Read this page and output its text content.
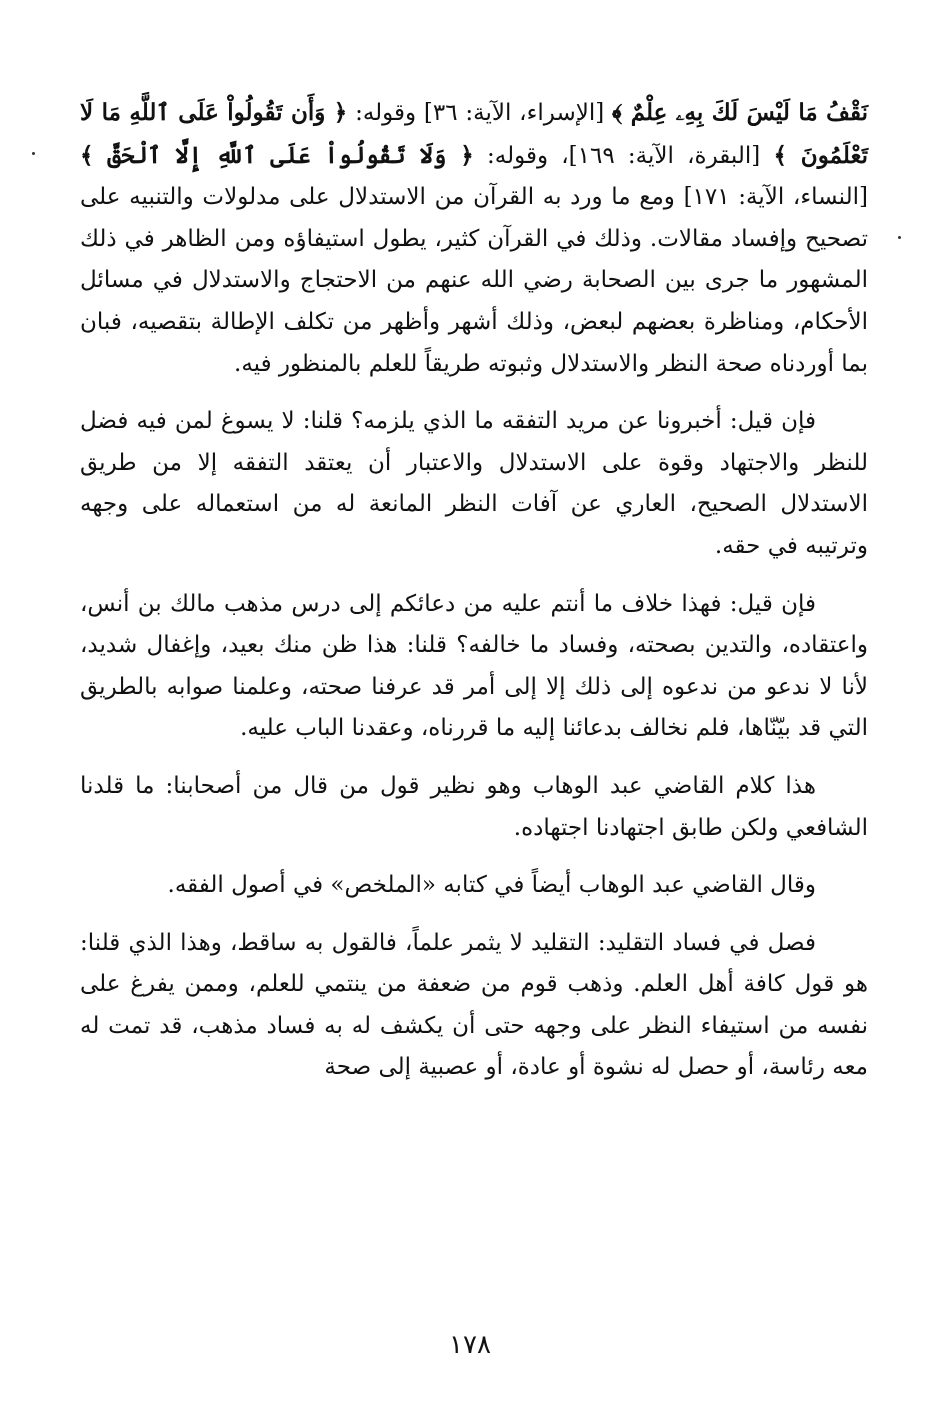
نَقْفُ مَا لَيْسَ لَكَ بِهِۦ عِلْمٌ ﴾ [الإسراء، الآية: ٣٦] وقوله: ﴿ وَأَن تَقُولُواْ عَلَى ٱللَّهِ مَا لَا تَعْلَمُونَ ﴾ [البقرة، الآية: ١٦٩]، وقوله: ﴿ وَلَا تَقُولُواْ عَلَى ٱللَّهِ إِلَّا ٱلْحَقَّ ﴾ [النساء، الآية: ١٧١] ومع ما ورد به القرآن من الاستدلال على مدلولات والتنبيه على تصحيح وإفساد مقالات. وذلك في القرآن كثير، يطول استيفاؤه ومن الظاهر في ذلك المشهور ما جرى بين الصحابة رضي الله عنهم من الاحتجاج والاستدلال في مسائل الأحكام، ومناظرة بعضهم لبعض، وذلك أشهر وأظهر من تكلف الإطالة بتقصيه، فبان بما أوردناه صحة النظر والاستدلال وثبوته طريقاً للعلم بالمنظور فيه.

فإن قيل: أخبرونا عن مريد التفقه ما الذي يلزمه؟ قلنا: لا يسوغ لمن فيه فضل للنظر والاجتهاد وقوة على الاستدلال والاعتبار أن يعتقد التفقه إلا من طريق الاستدلال الصحيح، العاري عن آفات النظر المانعة له من استعماله على وجهه وترتيبه في حقه.

فإن قيل: فهذا خلاف ما أنتم عليه من دعائكم إلى درس مذهب مالك بن أنس، واعتقاده، والتدين بصحته، وفساد ما خالفه؟ قلنا: هذا ظن منك بعيد، وإغفال شديد، لأنا لا ندعو من ندعوه إلى ذلك إلا إلى أمر قد عرفنا صحته، وعلمنا صوابه بالطريق التي قد بيّنّاها، فلم نخالف بدعائنا إليه ما قررناه، وعقدنا الباب عليه.

هذا كلام القاضي عبد الوهاب وهو نظير قول من قال من أصحابنا: ما قلدنا الشافعي ولكن طابق اجتهادنا اجتهاده.

وقال القاضي عبد الوهاب أيضاً في كتابه «الملخص» في أصول الفقه.

فصل في فساد التقليد: التقليد لا يثمر علماً، فالقول به ساقط، وهذا الذي قلنا: هو قول كافة أهل العلم. وذهب قوم من ضعفة من ينتمي للعلم، وممن يفرغ على نفسه من استيفاء النظر على وجهه حتى أن يكشف له به فساد مذهب، قد تمت له معه رئاسة، أو حصل له نشوة أو عادة، أو عصبية إلى صحة

١٧٨
